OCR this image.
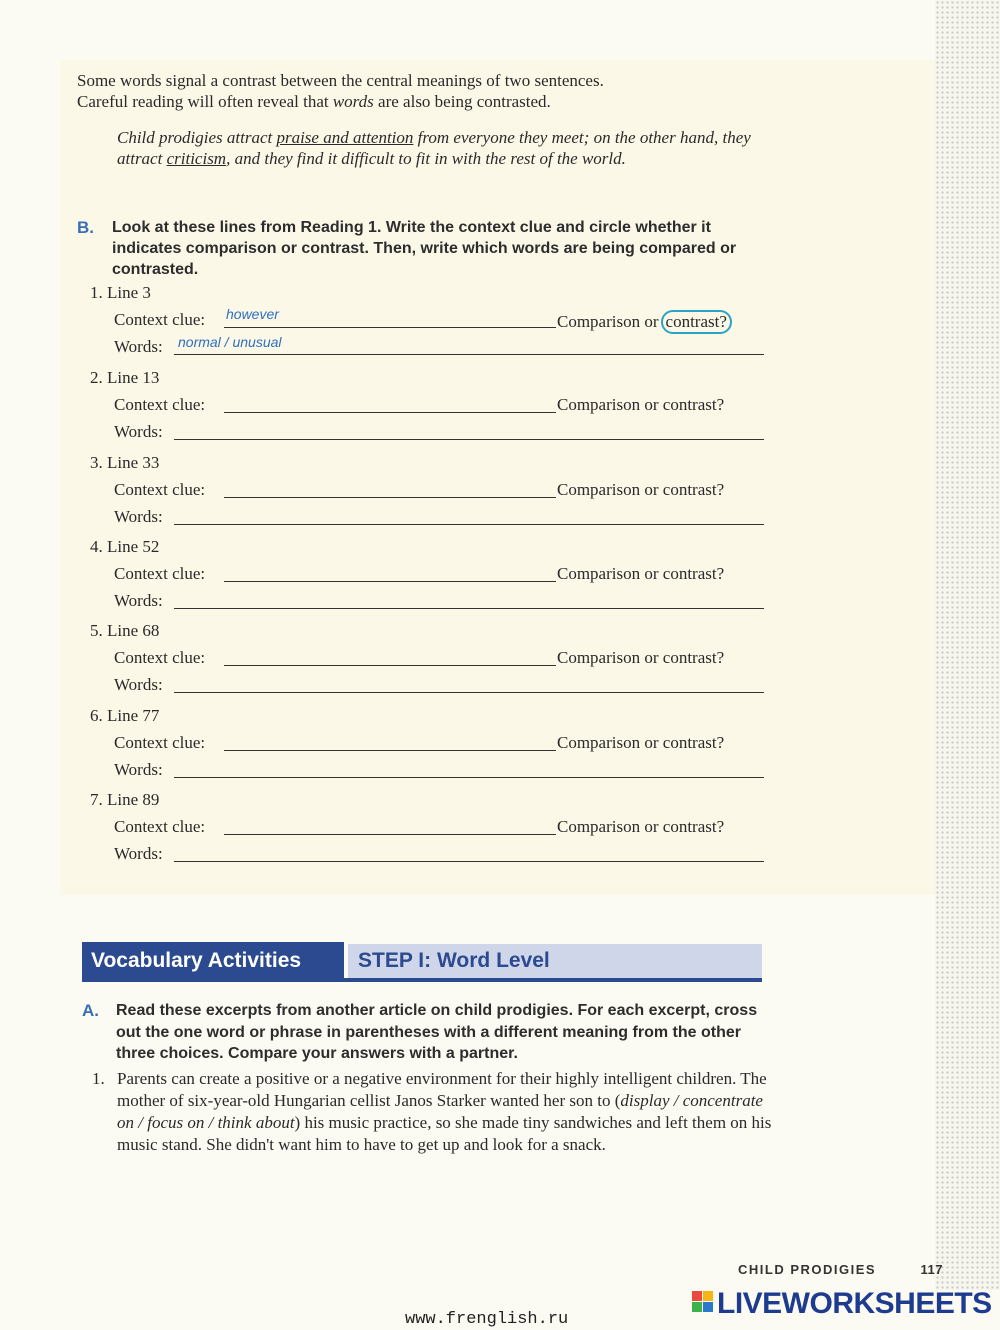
Some words signal a contrast between the central meanings of two sentences.
Careful reading will often reveal that words are also being contrasted.
Child prodigies attract praise and attention from everyone they meet; on the other hand, they attract criticism, and they find it difficult to fit in with the rest of the world.
B. Look at these lines from Reading 1. Write the context clue and circle whether it indicates comparison or contrast. Then, write which words are being compared or contrasted.
1. Line 3
Context clue: however	Comparison or contrast?
Words: normal / unusual
2. Line 13
Context clue:	Comparison or contrast?
Words:
3. Line 33
Context clue:	Comparison or contrast?
Words:
4. Line 52
Context clue:	Comparison or contrast?
Words:
5. Line 68
Context clue:	Comparison or contrast?
Words:
6. Line 77
Context clue:	Comparison or contrast?
Words:
7. Line 89
Context clue:	Comparison or contrast?
Words:
Vocabulary Activities	STEP I: Word Level
A. Read these excerpts from another article on child prodigies. For each excerpt, cross out the one word or phrase in parentheses with a different meaning from the other three choices. Compare your answers with a partner.
1. Parents can create a positive or a negative environment for their highly intelligent children. The mother of six-year-old Hungarian cellist Janos Starker wanted her son to (display / concentrate on / focus on / think about) his music practice, so she made tiny sandwiches and left them on his music stand. She didn't want him to have to get up and look for a snack.
CHILD PRODIGIES	117
LIVEWORKSHEETS
www.frenglish.ru
